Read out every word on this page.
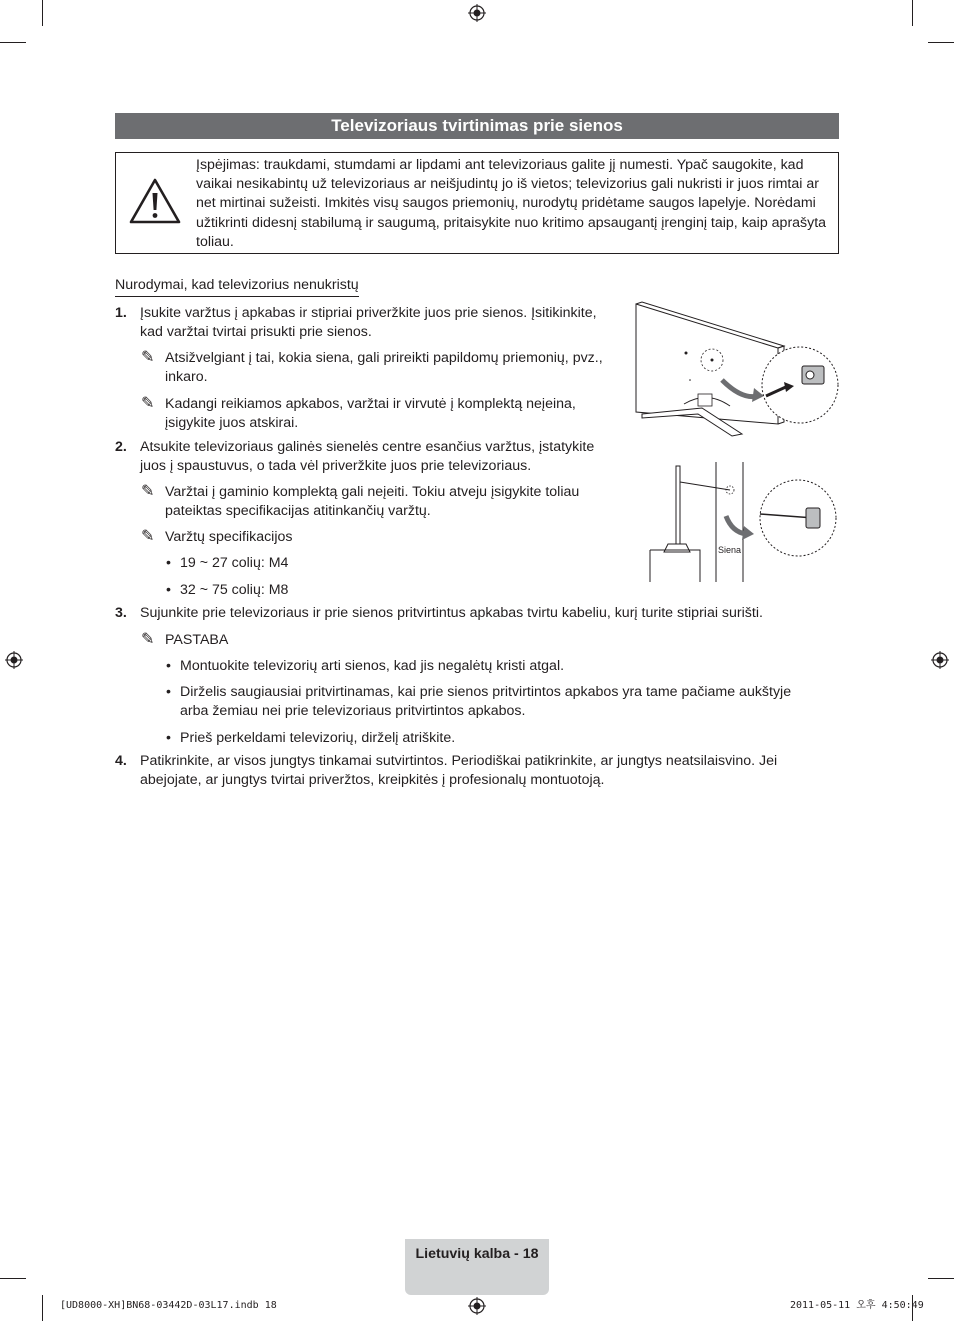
Televizoriaus tvirtinimas prie sienos
Įspėjimas: traukdami, stumdami ar lipdami ant televizoriaus galite jį numesti. Ypač saugokite, kad vaikai nesikabintų už televizoriaus ar neišjudintų jo iš vietos; televizorius gali nukristi ir juos rimtai ar net mirtinai sužeisti. Imkitės visų saugos priemonių, nurodytų pridėtame saugos lapelyje. Norėdami užtikrinti didesnį stabilumą ir saugumą, pritaisykite nuo kritimo apsaugantį įrenginį taip, kaip aprašyta toliau.
Nurodymai, kad televizorius nenukristų
1. Įsukite varžtus į apkabas ir stipriai priveržkite juos prie sienos. Įsitikinkite,
kad varžtai tvirtai prisukti prie sienos.
✎ Atsižvelgiant į tai, kokia siena, gali prireikti papildomų priemonių, pvz.,
inkaro.
✎ Kadangi reikiamos apkabos, varžtai ir virvutė į komplektą neįeina,
įsigykite juos atskirai.
2. Atsukite televizoriaus galinės sienelės centre esančius varžtus, įstatykite
juos į spaustuvus, o tada vėl priveržkite juos prie televizoriaus.
✎ Varžtai į gaminio komplektą gali neįeiti. Tokiu atveju įsigykite toliau
pateiktas specifikacijas atitinkančių varžtų.
✎ Varžtų specifikacijos
• 19 ~ 27 colių: M4
• 32 ~ 75 colių: M8
3. Sujunkite prie televizoriaus ir prie sienos pritvirtintus apkabas tvirtu kabeliu, kurį turite stipriai surišti.
✎ PASTABA
• Montuokite televizorių arti sienos, kad jis negalėtų kristi atgal.
• Dirželis saugiausiai pritvirtinamas, kai prie sienos pritvirtintos apkabos yra tame pačiame aukštyje
arba žemiau nei prie televizoriaus pritvirtintos apkabos.
• Prieš perkeldami televizorių, dirželį atriškite.
4. Patikrinkite, ar visos jungtys tinkamai sutvirtintos. Periodiškai patikrinkite, ar jungtys neatsilaisvino. Jei
abejojate, ar jungtys tvirtai priveržtos, kreipkitės į profesionalų montuotoją.
Siena
Lietuvių kalba - 18
[UD8000-XH]BN68-03442D-03L17.indb 18	2011-05-11 오후 4:50:49
